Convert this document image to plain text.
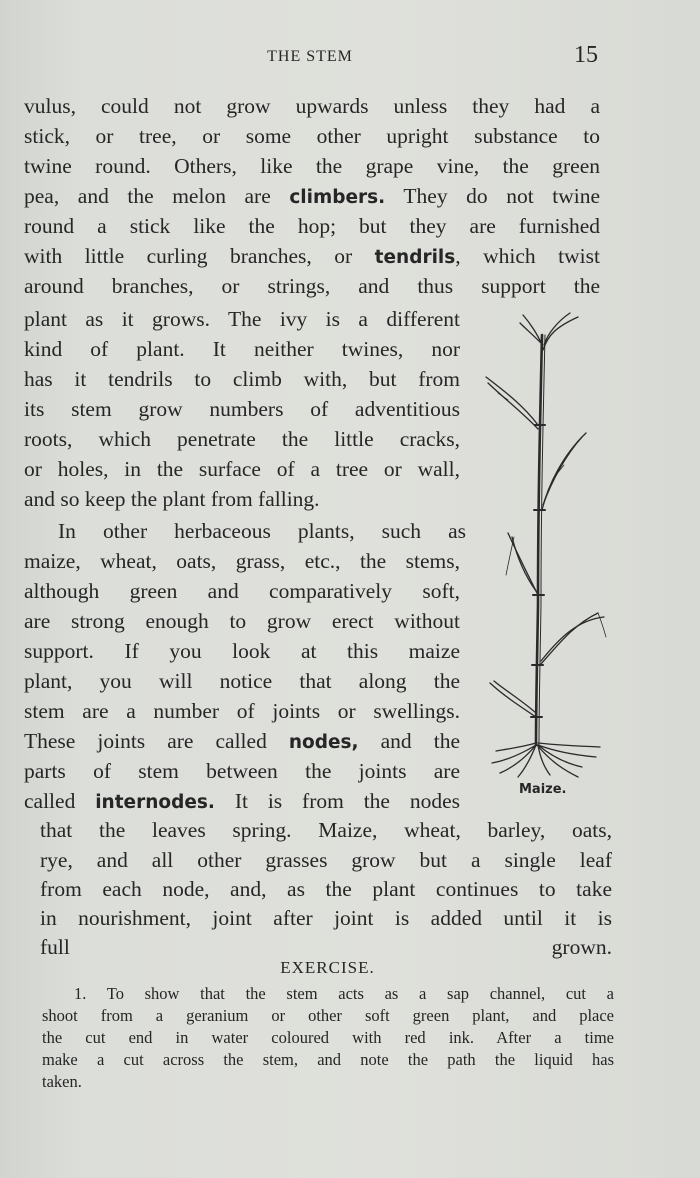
THE STEM	15
vulus, could not grow upwards unless they had a
stick, or tree, or some other upright substance to
twine round. Others, like the grape vine, the green
pea, and the melon are climbers. They do not twine
round a stick like the hop; but they are furnished
with little curling branches, or tendrils, which twist
around branches, or strings, and thus support the
plant as it grows. The ivy is a different
kind of plant. It neither twines, nor
has it tendrils to climb with, but from
its stem grow numbers of adventitious
roots, which penetrate the little cracks,
or holes, in the surface of a tree or wall,
and so keep the plant from falling.
In other herbaceous plants, such as
maize, wheat, oats, grass, etc., the stems,
although green and comparatively soft,
are strong enough to grow erect without
support. If you look at this maize
plant, you will notice that along the
stem are a number of joints or swellings.
These joints are called nodes, and the
parts of stem between the joints are
called internodes. It is from the nodes
that the leaves spring. Maize, wheat, barley, oats,
rye, and all other grasses grow but a single leaf
from each node, and, as the plant continues to take
in nourishment, joint after joint is added until it is
full grown.
Maize.
EXERCISE.
1. To show that the stem acts as a sap channel, cut a
shoot from a geranium or other soft green plant, and place
the cut end in water coloured with red ink. After a time
make a cut across the stem, and note the path the liquid has
taken.
